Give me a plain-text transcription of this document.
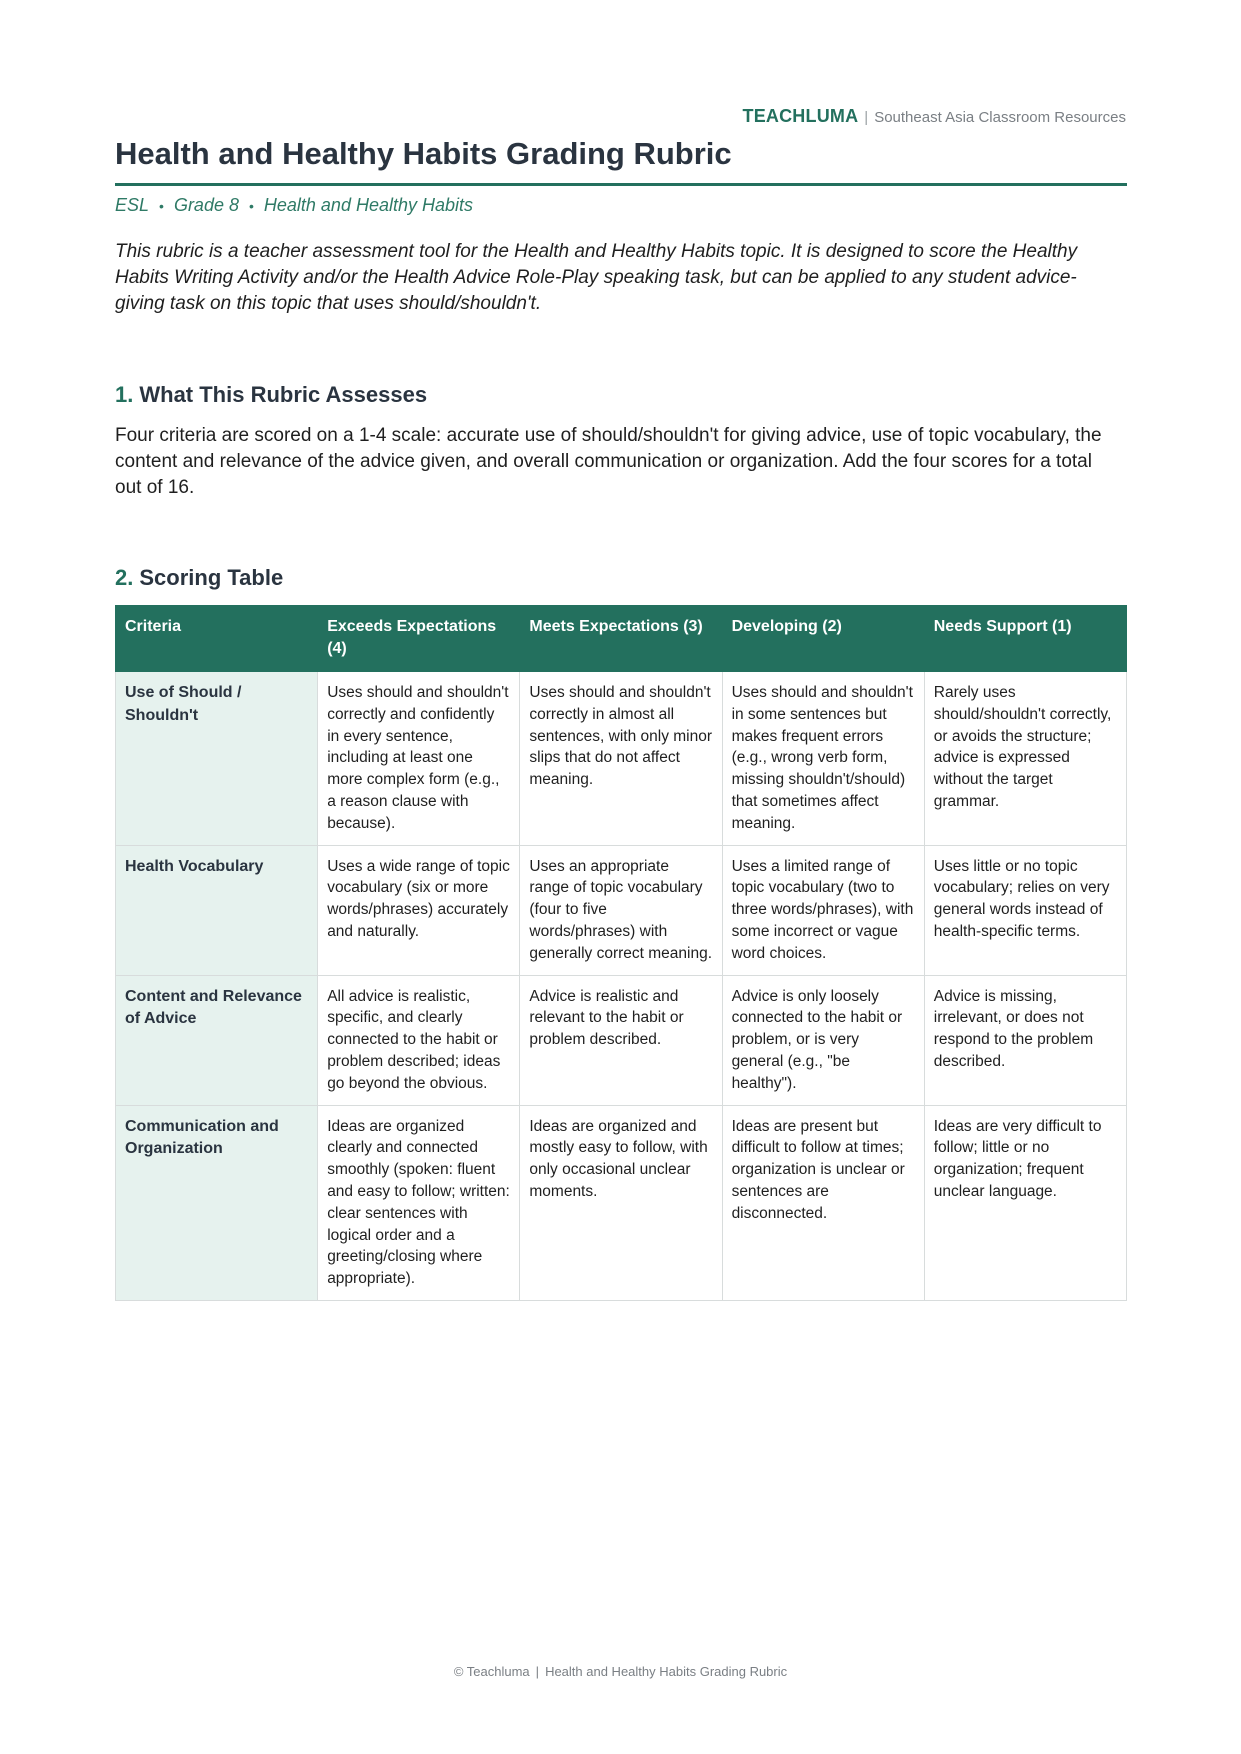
TEACHLUMA | Southeast Asia Classroom Resources
Health and Healthy Habits Grading Rubric
ESL • Grade 8 • Health and Healthy Habits

This rubric is a teacher assessment tool for the Health and Healthy Habits topic. It is designed to score the Healthy Habits Writing Activity and/or the Health Advice Role-Play speaking task, but can be applied to any student advice-giving task on this topic that uses should/shouldn't.

1. What This Rubric Assesses

Four criteria are scored on a 1-4 scale: accurate use of should/shouldn't for giving advice, use of topic vocabulary, the content and relevance of the advice given, and overall communication or organization. Add the four scores for a total out of 16.

2. Scoring Table
Criteria	Exceeds Expectations (4)	Meets Expectations (3)	Developing (2)	Needs Support (1)
Use of Should / Shouldn't	Uses should and shouldn't correctly and confidently in every sentence, including at least one more complex form (e.g., a reason clause with because).	Uses should and shouldn't correctly in almost all sentences, with only minor slips that do not affect meaning.	Uses should and shouldn't in some sentences but makes frequent errors (e.g., wrong verb form, missing shouldn't/should) that sometimes affect meaning.	Rarely uses should/shouldn't correctly, or avoids the structure; advice is expressed without the target grammar.
Health Vocabulary	Uses a wide range of topic vocabulary (six or more words/phrases) accurately and naturally.	Uses an appropriate range of topic vocabulary (four to five words/phrases) with generally correct meaning.	Uses a limited range of topic vocabulary (two to three words/phrases), with some incorrect or vague word choices.	Uses little or no topic vocabulary; relies on very general words instead of health-specific terms.
Content and Relevance of Advice	All advice is realistic, specific, and clearly connected to the habit or problem described; ideas go beyond the obvious.	Advice is realistic and relevant to the habit or problem described.	Advice is only loosely connected to the habit or problem, or is very general (e.g., "be healthy").	Advice is missing, irrelevant, or does not respond to the problem described.
Communication and Organization	Ideas are organized clearly and connected smoothly (spoken: fluent and easy to follow; written: clear sentences with logical order and a greeting/closing where appropriate).	Ideas are organized and mostly easy to follow, with only occasional unclear moments.	Ideas are present but difficult to follow at times; organization is unclear or sentences are disconnected.	Ideas are very difficult to follow; little or no organization; frequent unclear language.
© Teachluma | Health and Healthy Habits Grading Rubric
